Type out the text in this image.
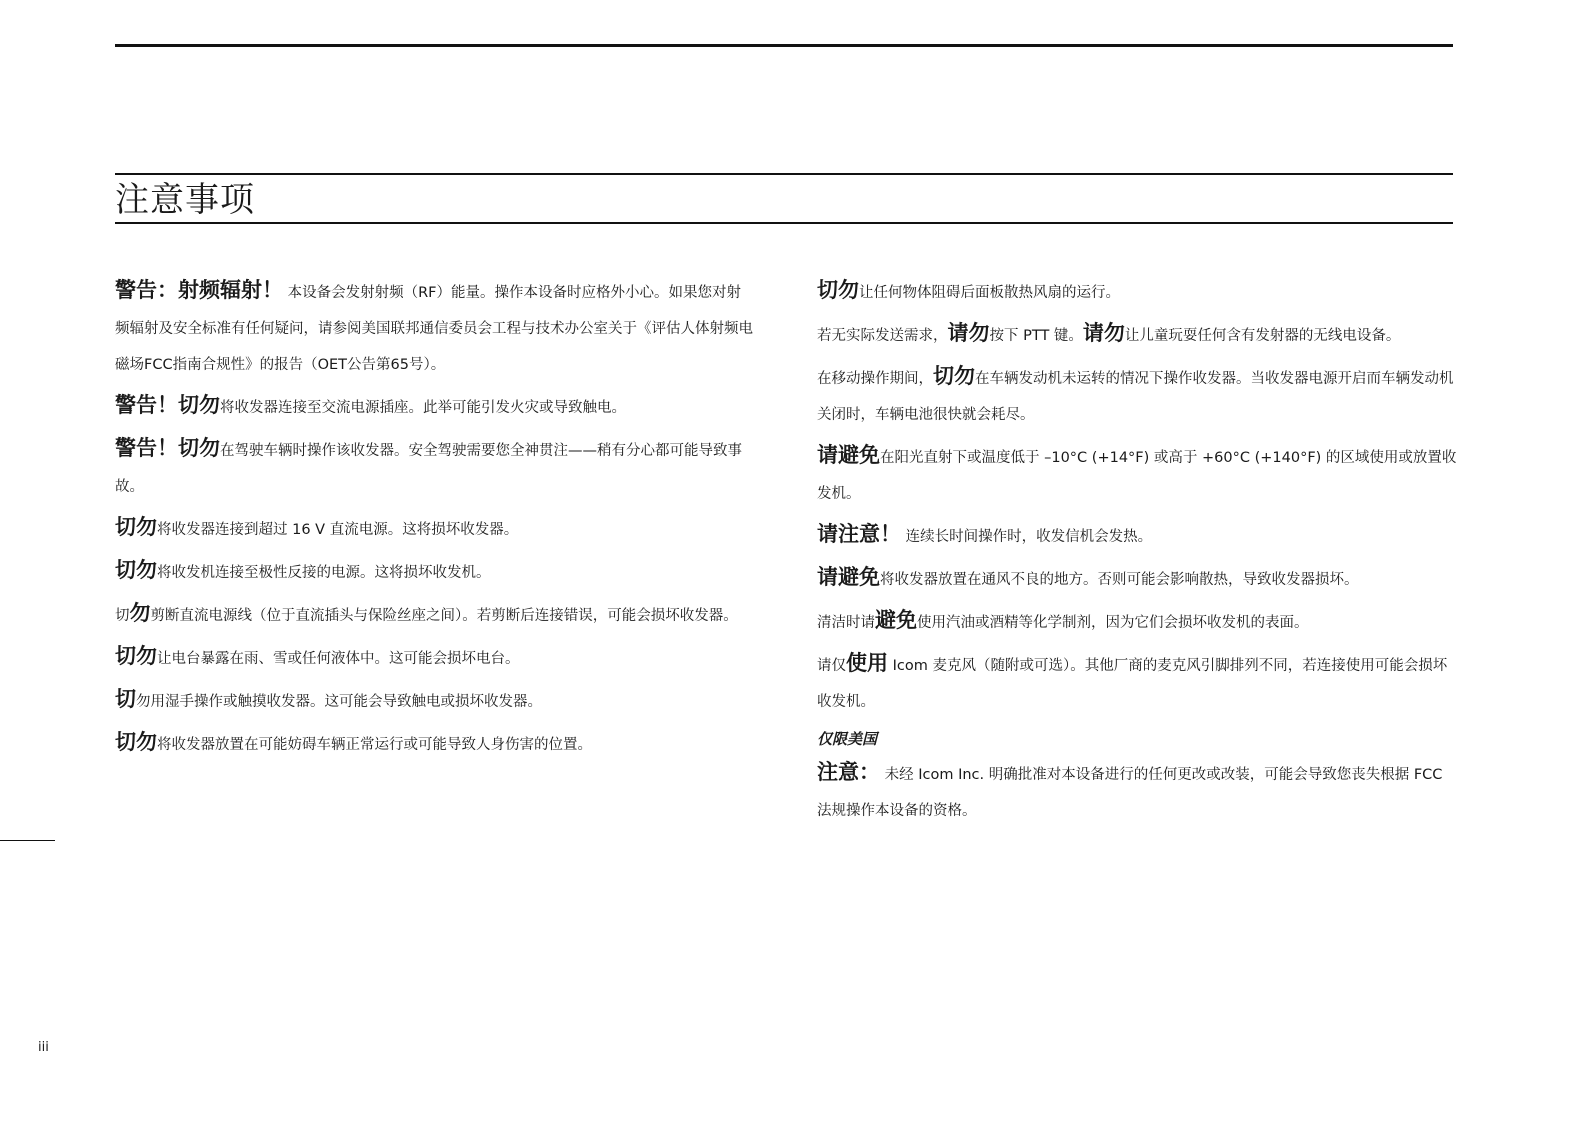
注意事项

警告：射频辐射！ 本设备会发射射频（RF）能量。操作本设备时应格外小心。如果您对射频辐射及安全标准有任何疑问，请参阅美国联邦通信委员会工程与技术办公室关于《评估人体射频电磁场FCC指南合规性》的报告（OET公告第65号）。

警告！切勿将收发器连接至交流电源插座。此举可能引发火灾或导致触电。

警告！切勿在驾驶车辆时操作该收发器。安全驾驶需要您全神贯注——稍有分心都可能导致事故。

切勿将收发器连接到超过 16 V 直流电源。这将损坏收发器。

切勿将收发机连接至极性反接的电源。这将损坏收发机。

切勿剪断直流电源线（位于直流插头与保险丝座之间）。若剪断后连接错误，可能会损坏收发器。

切勿让电台暴露在雨、雪或任何液体中。这可能会损坏电台。

切勿用湿手操作或触摸收发器。这可能会导致触电或损坏收发器。

切勿将收发器放置在可能妨碍车辆正常运行或可能导致人身伤害的位置。

切勿让任何物体阻碍后面板散热风扇的运行。

若无实际发送需求，请勿按下 PTT 键。请勿让儿童玩耍任何含有发射器的无线电设备。

在移动操作期间，切勿在车辆发动机未运转的情况下操作收发器。当收发器电源开启而车辆发动机关闭时，车辆电池很快就会耗尽。

请避免在阳光直射下或温度低于 –10°C (+14°F) 或高于 +60°C (+140°F) 的区域使用或放置收发机。

请注意！ 连续长时间操作时，收发信机会发热。

请避免将收发器放置在通风不良的地方。否则可能会影响散热，导致收发器损坏。

清洁时请避免使用汽油或酒精等化学制剂，因为它们会损坏收发机的表面。

请仅使用 Icom 麦克风（随附或可选）。其他厂商的麦克风引脚排列不同，若连接使用可能会损坏收发机。

仅限美国

注意： 未经 Icom Inc. 明确批准对本设备进行的任何更改或改装，可能会导致您丧失根据 FCC 法规操作本设备的资格。

iii
